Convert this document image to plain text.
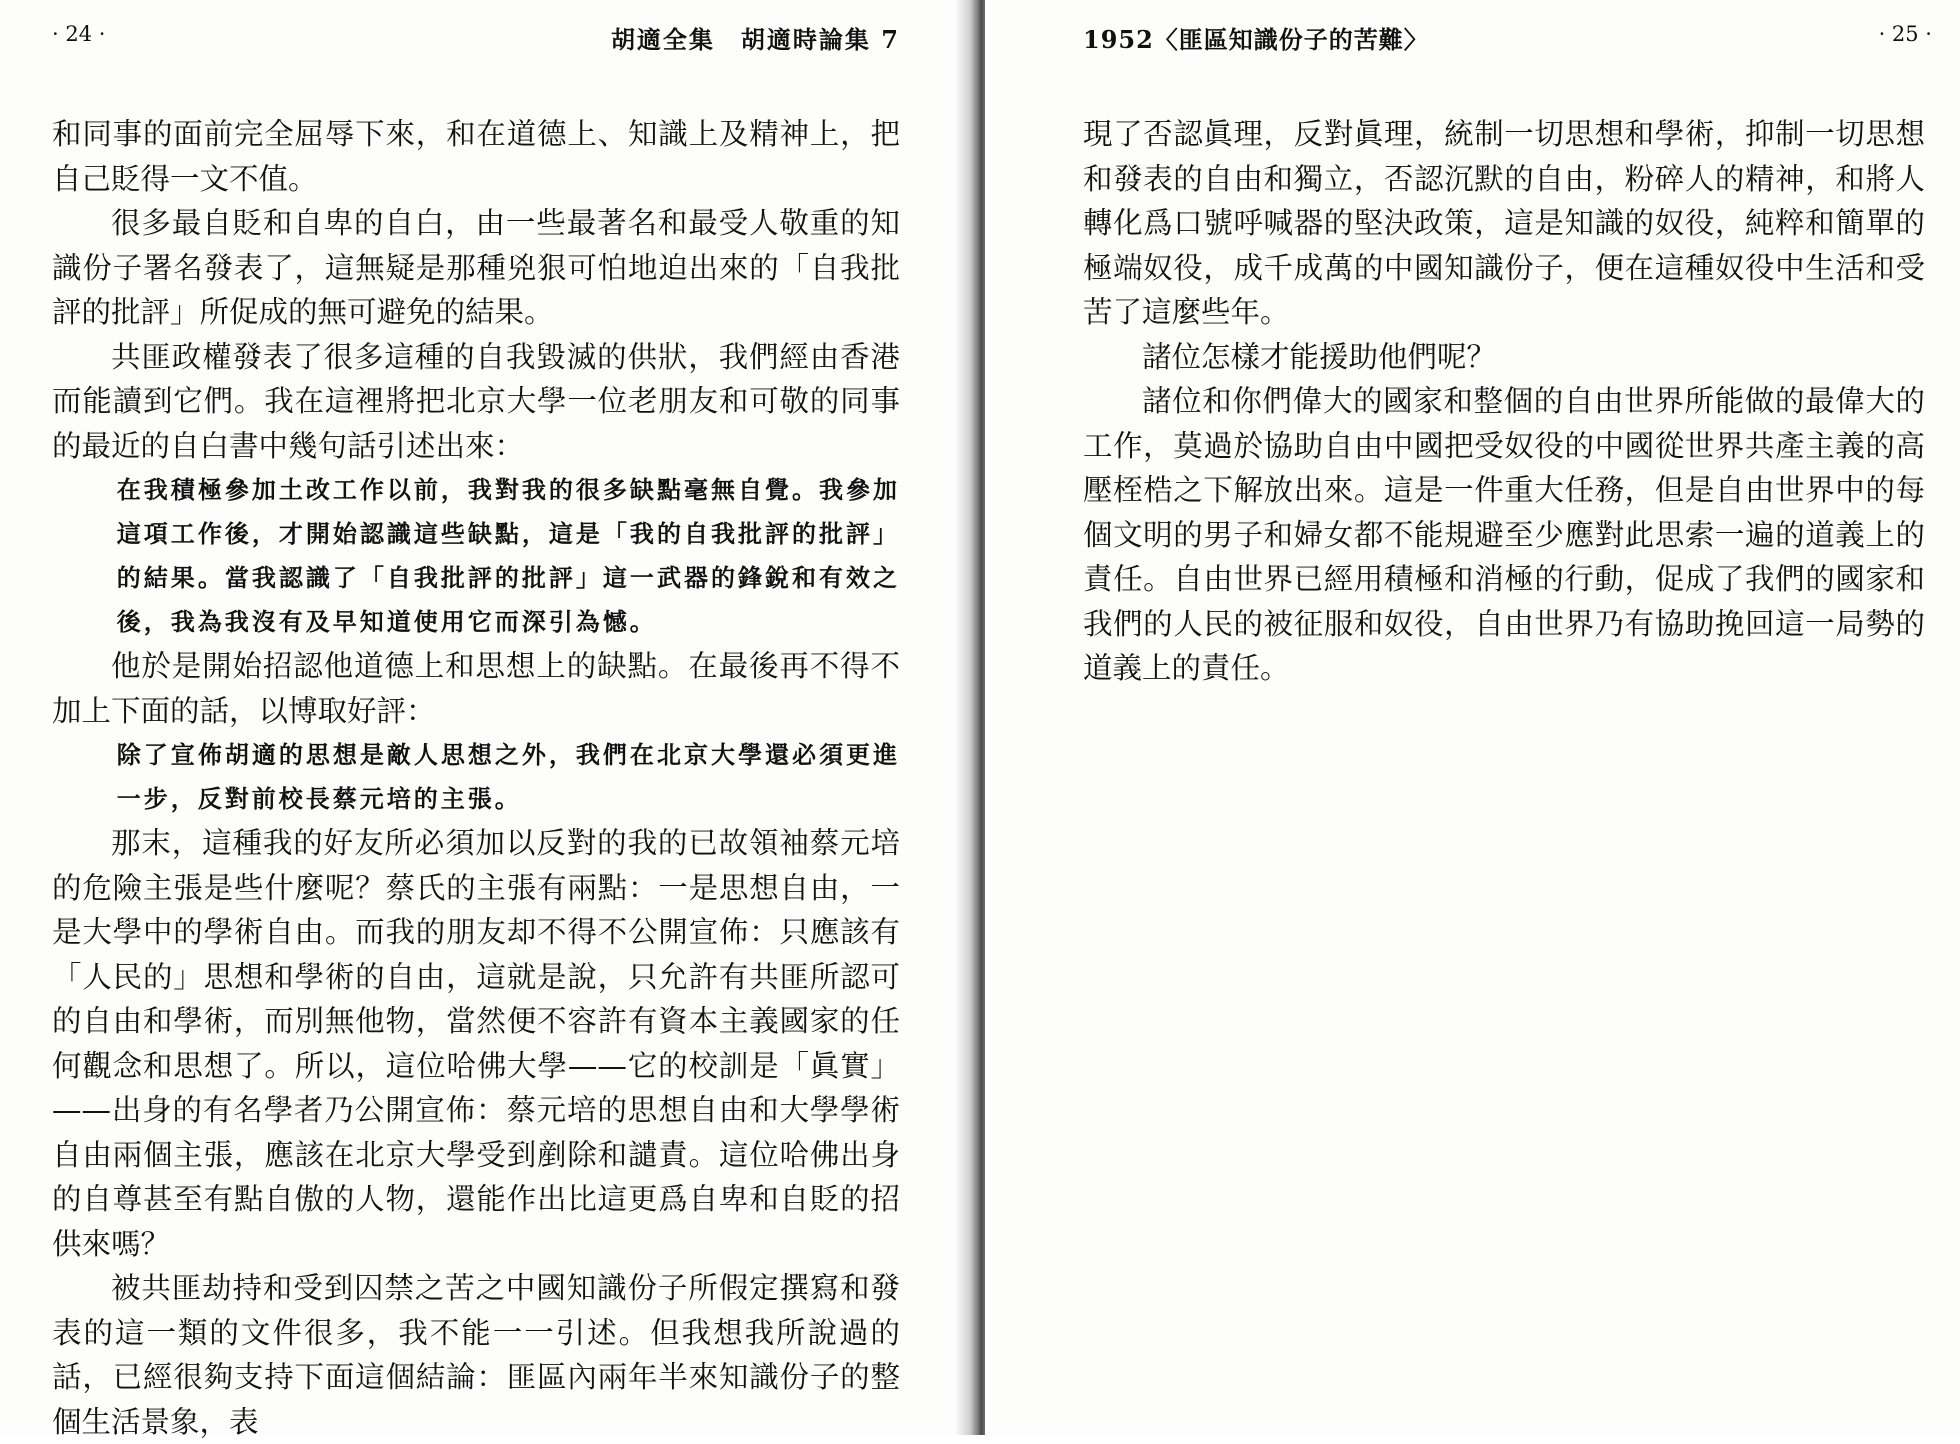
· 24 ·	胡適全集　胡適時論集 7

和同事的面前完全屈辱下來，和在道德上、知識上及精神上，把自己貶得一文不值。

很多最自貶和自卑的自白，由一些最著名和最受人敬重的知識份子署名發表了，這無疑是那種兇狠可怕地迫出來的「自我批評的批評」所促成的無可避免的結果。

共匪政權發表了很多這種的自我毀滅的供狀，我們經由香港而能讀到它們。我在這裡將把北京大學一位老朋友和可敬的同事的最近的自白書中幾句話引述出來：

在我積極參加土改工作以前，我對我的很多缺點毫無自覺。我參加這項工作後，才開始認識這些缺點，這是「我的自我批評的批評」的結果。當我認識了「自我批評的批評」這一武器的鋒銳和有效之後，我為我沒有及早知道使用它而深引為憾。

他於是開始招認他道德上和思想上的缺點。在最後再不得不加上下面的話，以博取好評：

除了宣佈胡適的思想是敵人思想之外，我們在北京大學還必須更進一步，反對前校長蔡元培的主張。

那末，這種我的好友所必須加以反對的我的已故領袖蔡元培的危險主張是些什麼呢？蔡氏的主張有兩點：一是思想自由，一是大學中的學術自由。而我的朋友却不得不公開宣佈：只應該有「人民的」思想和學術的自由，這就是說，只允許有共匪所認可的自由和學術，而別無他物，當然便不容許有資本主義國家的任何觀念和思想了。所以，這位哈佛大學——它的校訓是「眞實」——出身的有名學者乃公開宣佈：蔡元培的思想自由和大學學術自由兩個主張，應該在北京大學受到剷除和譴責。這位哈佛出身的自尊甚至有點自傲的人物，還能作出比這更爲自卑和自貶的招供來嗎？

被共匪劫持和受到囚禁之苦之中國知識份子所假定撰寫和發表的這一類的文件很多，我不能一一引述。但我想我所說過的話，已經很夠支持下面這個結論：匪區內兩年半來知識份子的整個生活景象，表

1952〈匪區知識份子的苦難〉	· 25 ·

現了否認眞理，反對眞理，統制一切思想和學術，抑制一切思想和發表的自由和獨立，否認沉默的自由，粉碎人的精神，和將人轉化爲口號呼喊器的堅決政策，這是知識的奴役，純粹和簡單的極端奴役，成千成萬的中國知識份子，便在這種奴役中生活和受苦了這麼些年。

諸位怎樣才能援助他們呢？

諸位和你們偉大的國家和整個的自由世界所能做的最偉大的工作，莫過於協助自由中國把受奴役的中國從世界共產主義的高壓桎梏之下解放出來。這是一件重大任務，但是自由世界中的每個文明的男子和婦女都不能規避至少應對此思索一遍的道義上的責任。自由世界已經用積極和消極的行動，促成了我們的國家和我們的人民的被征服和奴役，自由世界乃有協助挽回這一局勢的道義上的責任。
